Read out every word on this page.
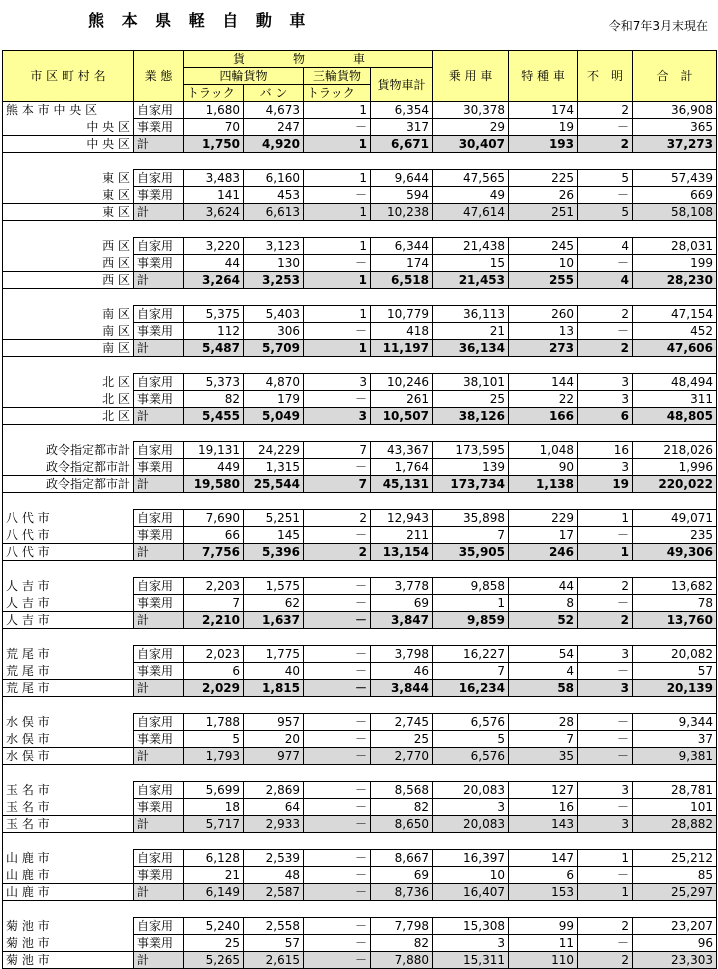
熊 本 県 軽 自 動 車	令和7年3月末現在
市 区 町 村 名	業 態	貨　物　車				乗 用 車	特 種 車	不　明	合　計
		四輪貨物		三輪貨物	貨物車計				
		トラック	バ ン	トラック					
熊 本 市 中 央 区	自家用	1,680	4,673	1	6,354	30,378	174	2	36,908
中 央 区	事業用	70	247	－	317	29	19	－	365
中 央 区	計	1,750	4,920	1	6,671	30,407	193	2	37,273

東 区	自家用	3,483	6,160	1	9,644	47,565	225	5	57,439
東 区	事業用	141	453	－	594	49	26	－	669
東 区	計	3,624	6,613	1	10,238	47,614	251	5	58,108

西 区	自家用	3,220	3,123	1	6,344	21,438	245	4	28,031
西 区	事業用	44	130	－	174	15	10	－	199
西 区	計	3,264	3,253	1	6,518	21,453	255	4	28,230

南 区	自家用	5,375	5,403	1	10,779	36,113	260	2	47,154
南 区	事業用	112	306	－	418	21	13	－	452
南 区	計	5,487	5,709	1	11,197	36,134	273	2	47,606

北 区	自家用	5,373	4,870	3	10,246	38,101	144	3	48,494
北 区	事業用	82	179	－	261	25	22	3	311
北 区	計	5,455	5,049	3	10,507	38,126	166	6	48,805

政令指定都市計	自家用	19,131	24,229	7	43,367	173,595	1,048	16	218,026
政令指定都市計	事業用	449	1,315	－	1,764	139	90	3	1,996
政令指定都市計	計	19,580	25,544	7	45,131	173,734	1,138	19	220,022

八 代 市	自家用	7,690	5,251	2	12,943	35,898	229	1	49,071
八 代 市	事業用	66	145	－	211	7	17	－	235
八 代 市	計	7,756	5,396	2	13,154	35,905	246	1	49,306

人 吉 市	自家用	2,203	1,575	－	3,778	9,858	44	2	13,682
人 吉 市	事業用	7	62	－	69	1	8	－	78
人 吉 市	計	2,210	1,637	－	3,847	9,859	52	2	13,760

荒 尾 市	自家用	2,023	1,775	－	3,798	16,227	54	3	20,082
荒 尾 市	事業用	6	40	－	46	7	4	－	57
荒 尾 市	計	2,029	1,815	－	3,844	16,234	58	3	20,139

水 俣 市	自家用	1,788	957	－	2,745	6,576	28	－	9,344
水 俣 市	事業用	5	20	－	25	5	7	－	37
水 俣 市	計	1,793	977	－	2,770	6,576	35	－	9,381

玉 名 市	自家用	5,699	2,869	－	8,568	20,083	127	3	28,781
玉 名 市	事業用	18	64	－	82	3	16	－	101
玉 名 市	計	5,717	2,933	－	8,650	20,083	143	3	28,882

山 鹿 市	自家用	6,128	2,539	－	8,667	16,397	147	1	25,212
山 鹿 市	事業用	21	48	－	69	10	6	－	85
山 鹿 市	計	6,149	2,587	－	8,736	16,407	153	1	25,297

菊 池 市	自家用	5,240	2,558	－	7,798	15,308	99	2	23,207
菊 池 市	事業用	25	57	－	82	3	11	－	96
菊 池 市	計	5,265	2,615	－	7,880	15,311	110	2	23,303
